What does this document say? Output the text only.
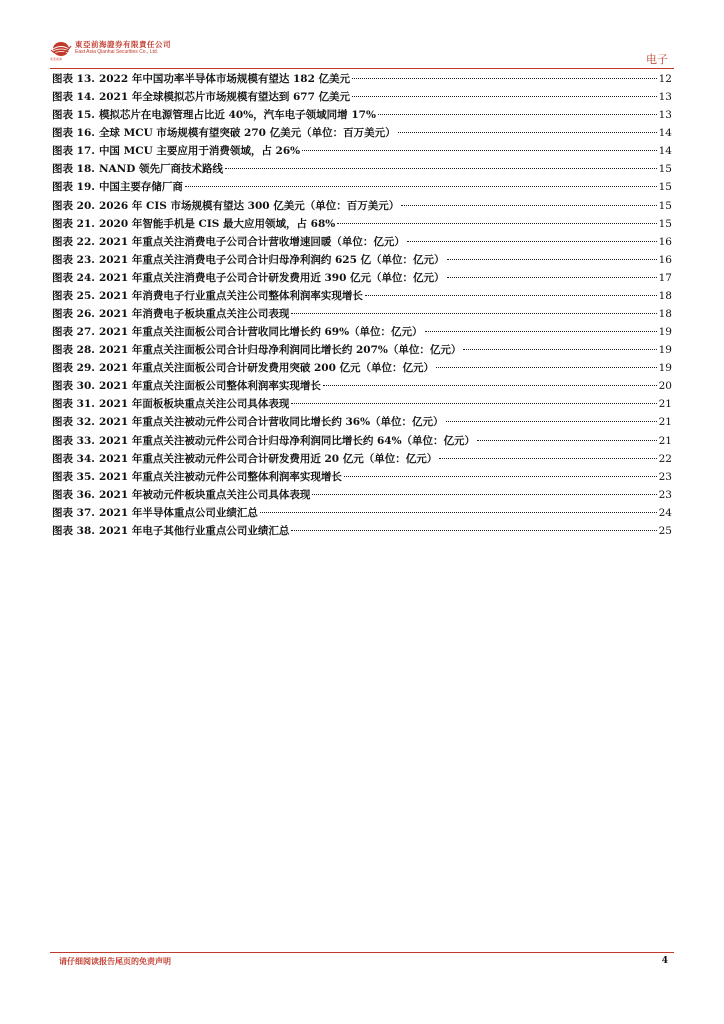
東亞前海
東亞前海證券有限責任公司
East Asia Qianhai Securities Co., Ltd.
电子
图表 13. 2022 年中国功率半导体市场规模有望达 182 亿美元	12
图表 14. 2021 年全球模拟芯片市场规模有望达到 677 亿美元	13
图表 15. 模拟芯片在电源管理占比近 40%，汽车电子领域同增 17%	13
图表 16. 全球 MCU 市场规模有望突破 270 亿美元（单位：百万美元）	14
图表 17. 中国 MCU 主要应用于消费领域，占 26%	14
图表 18. NAND 领先厂商技术路线	15
图表 19. 中国主要存储厂商	15
图表 20. 2026 年 CIS 市场规模有望达 300 亿美元（单位：百万美元）	15
图表 21. 2020 年智能手机是 CIS 最大应用领域，占 68%	15
图表 22. 2021 年重点关注消费电子公司合计营收增速回暖（单位：亿元）	16
图表 23. 2021 年重点关注消费电子公司合计归母净利润约 625 亿（单位：亿元）	16
图表 24. 2021 年重点关注消费电子公司合计研发费用近 390 亿元（单位：亿元）	17
图表 25. 2021 年消费电子行业重点关注公司整体利润率实现增长	18
图表 26. 2021 年消费电子板块重点关注公司表现	18
图表 27. 2021 年重点关注面板公司合计营收同比增长约 69%（单位：亿元）	19
图表 28. 2021 年重点关注面板公司合计归母净利润同比增长约 207%（单位：亿元）	19
图表 29. 2021 年重点关注面板公司合计研发费用突破 200 亿元（单位：亿元）	19
图表 30. 2021 年重点关注面板公司整体利润率实现增长	20
图表 31. 2021 年面板板块重点关注公司具体表现	21
图表 32. 2021 年重点关注被动元件公司合计营收同比增长约 36%（单位：亿元）	21
图表 33. 2021 年重点关注被动元件公司合计归母净利润同比增长约 64%（单位：亿元）	21
图表 34. 2021 年重点关注被动元件公司合计研发费用近 20 亿元（单位：亿元）	22
图表 35. 2021 年重点关注被动元件公司整体利润率实现增长	23
图表 36. 2021 年被动元件板块重点关注公司具体表现	23
图表 37. 2021 年半导体重点公司业绩汇总	24
图表 38. 2021 年电子其他行业重点公司业绩汇总	25
请仔细阅读报告尾页的免责声明	4
